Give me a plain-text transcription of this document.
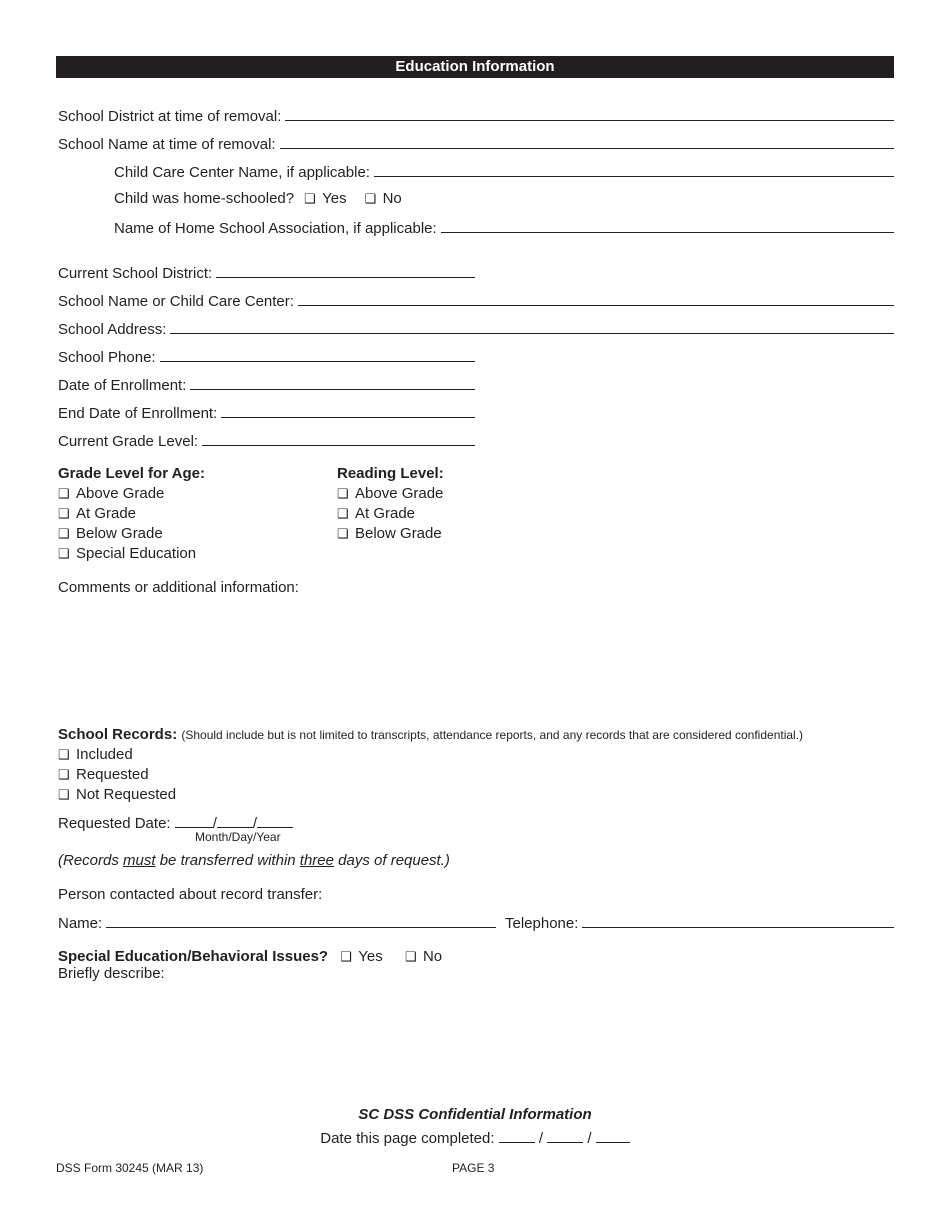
Education Information
School District at time of removal:
School Name at time of removal:
Child Care Center Name, if applicable:
Child was home-schooled? ❑ Yes ❑ No
Name of Home School Association, if applicable:
Current School District:
School Name or Child Care Center:
School Address:
School Phone:
Date of Enrollment:
End Date of Enrollment:
Current Grade Level:
Grade Level for Age:
❑ Above Grade
❑ At Grade
❑ Below Grade
❑ Special Education
Reading Level:
❑ Above Grade
❑ At Grade
❑ Below Grade
Comments or additional information:
School Records: (Should include but is not limited to transcripts, attendance reports, and any records that are considered confidential.)
❑ Included
❑ Requested
❑ Not Requested
Requested Date:	/ /
Month/Day/Year
(Records must be transferred within three days of request.)
Person contacted about record transfer:
Name:	Telephone:
Special Education/Behavioral Issues? ❑ Yes ❑ No
Briefly describe:
SC DSS Confidential Information
Date this page completed:	/	/
DSS Form 30245 (MAR 13)	PAGE 3
